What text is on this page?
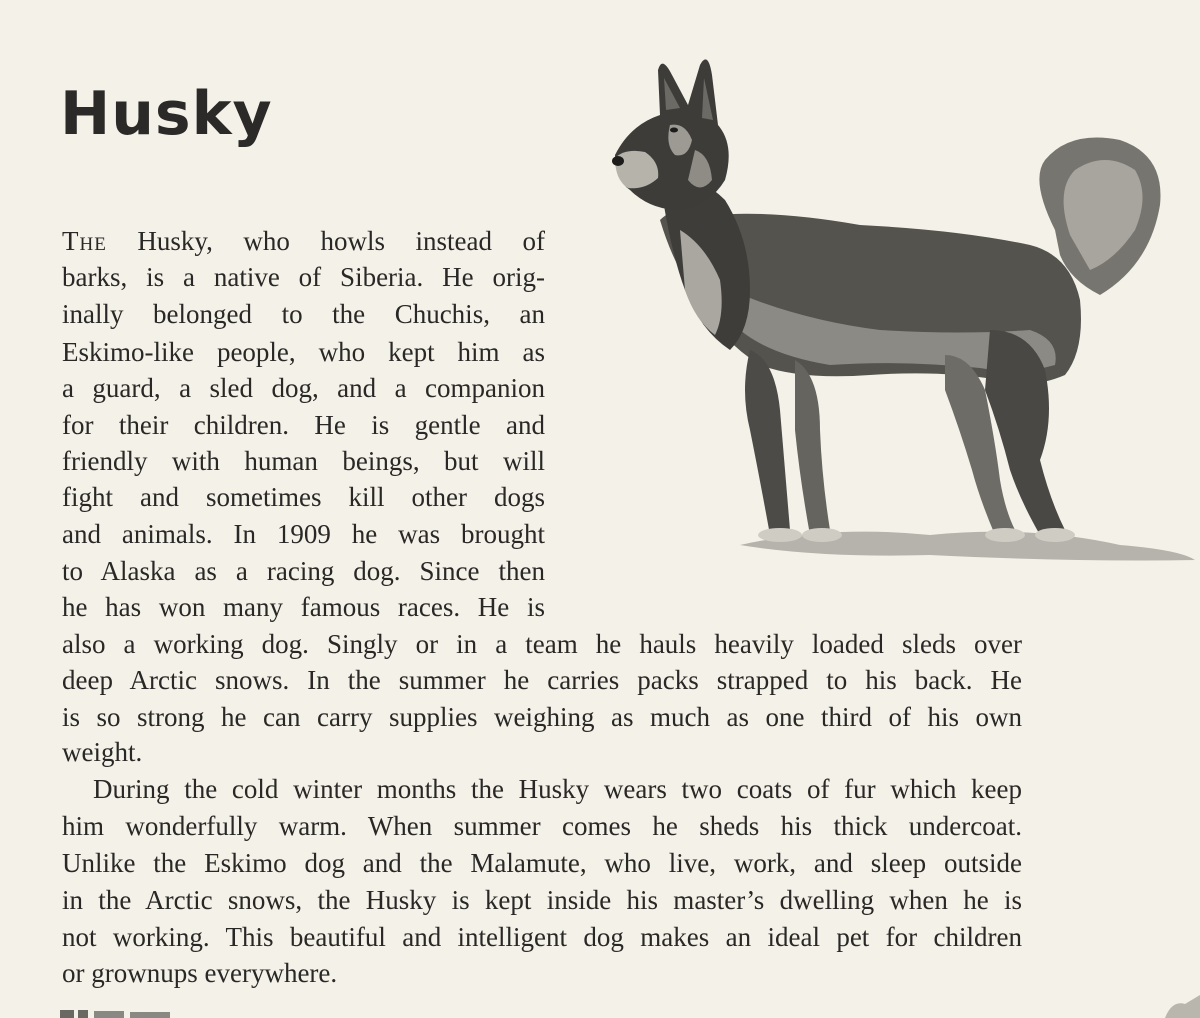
Husky

The Husky, who howls instead of

barks, is a native of Siberia. He orig-

inally belonged to the Chuchis, an

Eskimo-like people, who kept him as

a guard, a sled dog, and a companion

for their children. He is gentle and

friendly with human beings, but will

fight and sometimes kill other dogs

and animals. In 1909 he was brought

to Alaska as a racing dog. Since then

he has won many famous races. He is

also a working dog. Singly or in a team he hauls heavily loaded sleds over

deep Arctic snows. In the summer he carries packs strapped to his back. He

is so strong he can carry supplies weighing as much as one third of his own

weight.

During the cold winter months the Husky wears two coats of fur which keep

him wonderfully warm. When summer comes he sheds his thick undercoat.

Unlike the Eskimo dog and the Malamute, who live, work, and sleep outside

in the Arctic snows, the Husky is kept inside his master’s dwelling when he is

not working. This beautiful and intelligent dog makes an ideal pet for children

or grownups everywhere.
